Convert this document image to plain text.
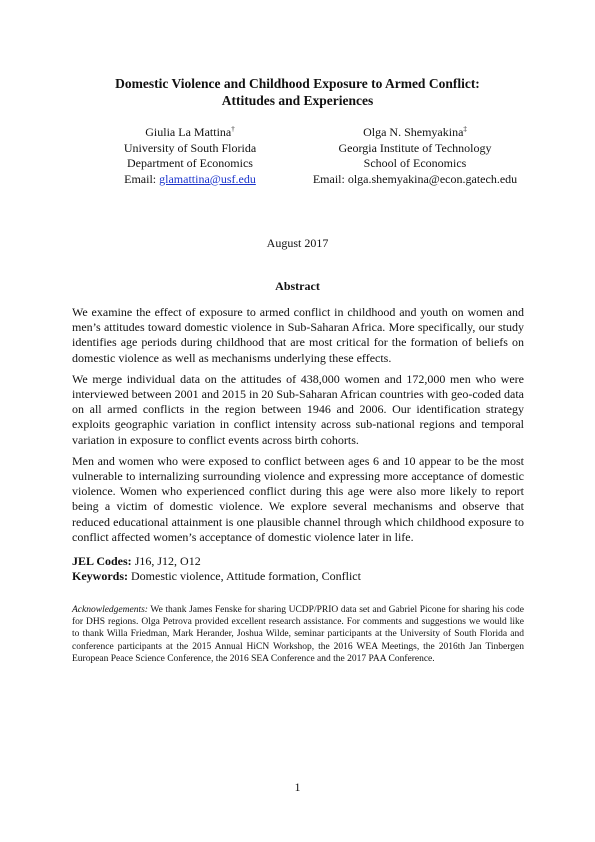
Domestic Violence and Childhood Exposure to Armed Conflict:
Attitudes and Experiences
Giulia La Mattina†
University of South Florida
Department of Economics
Email: glamattina@usf.edu
Olga N. Shemyakina‡
Georgia Institute of Technology
School of Economics
Email: olga.shemyakina@econ.gatech.edu
August 2017
Abstract

We examine the effect of exposure to armed conflict in childhood and youth on women and men’s attitudes toward domestic violence in Sub-Saharan Africa. More specifically, our study identifies age periods during childhood that are most critical for the formation of beliefs on domestic violence as well as mechanisms underlying these effects.

We merge individual data on the attitudes of 438,000 women and 172,000 men who were interviewed between 2001 and 2015 in 20 Sub-Saharan African countries with geo-coded data on all armed conflicts in the region between 1946 and 2006. Our identification strategy exploits geographic variation in conflict intensity across sub-national regions and temporal variation in exposure to conflict events across birth cohorts.

Men and women who were exposed to conflict between ages 6 and 10 appear to be the most vulnerable to internalizing surrounding violence and expressing more acceptance of domestic violence. Women who experienced conflict during this age were also more likely to report being a victim of domestic violence. We explore several mechanisms and observe that reduced educational attainment is one plausible channel through which childhood exposure to conflict affected women’s acceptance of domestic violence later in life.

JEL Codes: J16, J12, O12
Keywords: Domestic violence, Attitude formation, Conflict
Acknowledgements: We thank James Fenske for sharing UCDP/PRIO data set and Gabriel Picone for sharing his code for DHS regions. Olga Petrova provided excellent research assistance. For comments and suggestions we would like to thank Willa Friedman, Mark Herander, Joshua Wilde, seminar participants at the University of South Florida and conference participants at the 2015 Annual HiCN Workshop, the 2016 WEA Meetings, the 2016th Jan Tinbergen European Peace Science Conference, the 2016 SEA Conference and the 2017 PAA Conference.
1
